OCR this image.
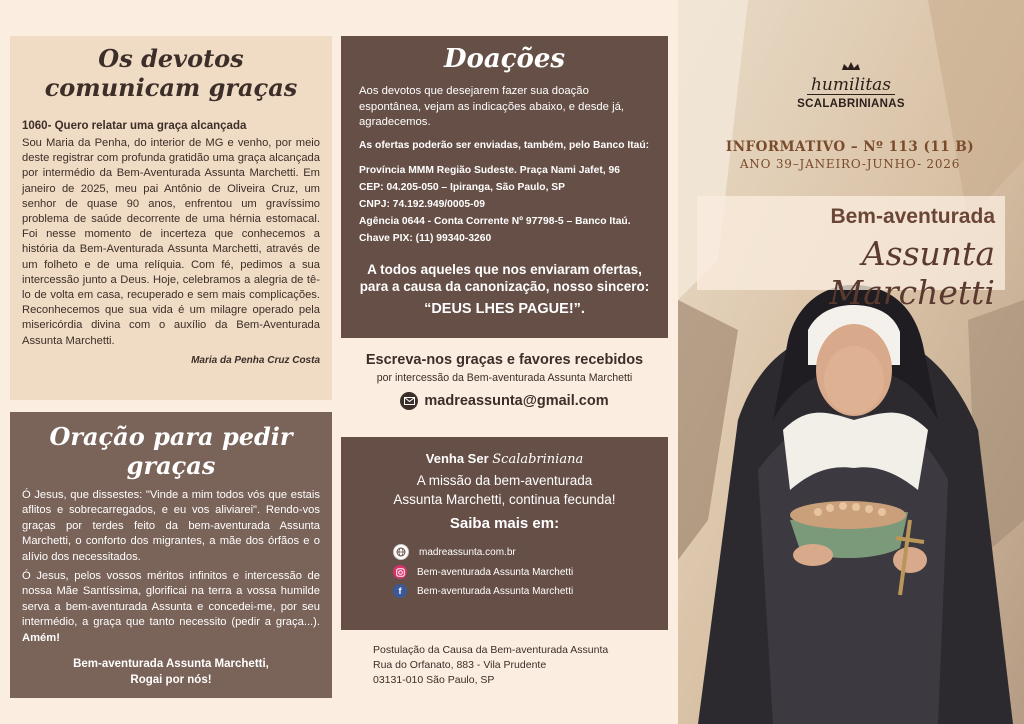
Os devotos comunicam graças
1060- Quero relatar uma graça alcançada

Sou Maria da Penha, do interior de MG e venho, por meio deste registrar com profunda gratidão uma graça alcançada por intermédio da Bem-Aventurada Assunta Marchetti. Em janeiro de 2025, meu pai Antônio de Oliveira Cruz, um senhor de quase 90 anos, enfrentou um gravíssimo problema de saúde decorrente de uma hérnia estomacal. Foi nesse momento de incerteza que conhecemos a história da Bem-Aventurada Assunta Marchetti, através de um folheto e de uma relíquia. Com fé, pedimos a sua intercessão junto a Deus. Hoje, celebramos a alegria de tê-lo de volta em casa, recuperado e sem mais complicações. Reconhecemos que sua vida é um milagre operado pela misericórdia divina com o auxílio da Bem-Aventurada Assunta Marchetti.

Maria da Penha Cruz Costa
Oração para pedir graças

Ó Jesus, que dissestes: "Vinde a mim todos vós que estais aflitos e sobrecarregados, e eu vos aliviarei". Rendo-vos graças por terdes feito da bem-aventurada Assunta Marchetti, o conforto dos migrantes, a mãe dos órfãos e o alívio dos necessitados.

Ó Jesus, pelos vossos méritos infinitos e intercessão de nossa Mãe Santíssima, glorificai na terra a vossa humilde serva a bem-aventurada Assunta e concedei-me, por seu intermédio, a graça que tanto necessito (pedir a graça...). Amém!

Bem-aventurada Assunta Marchetti,
Rogai por nós!
Doações

Aos devotos que desejarem fazer sua doação espontânea, vejam as indicações abaixo, e desde já, agradecemos.

As ofertas poderão ser enviadas, também, pelo Banco Itaú:

Província MMM Região Sudeste. Praça Nami Jafet, 96

CEP: 04.205-050 – Ipiranga, São Paulo, SP

CNPJ: 74.192.949/0005-09

Agência 0644 - Conta Corrente Nº 97798-5 – Banco Itaú.

Chave PIX: (11) 99340-3260

A todos aqueles que nos enviaram ofertas, para a causa da canonização, nosso sincero:
“DEUS LHES PAGUE!”.
Escreva-nos graças e favores recebidos
por intercessão da Bem-aventurada Assunta Marchetti
madreassunta@gmail.com
Venha Ser Scalabriniana
A missão da bem-aventurada
Assunta Marchetti, continua fecunda!
Saiba mais em:
madreassunta.com.br
Bem-aventurada Assunta Marchetti
f	Bem-aventurada Assunta Marchetti
Postulação da Causa da Bem-aventurada Assunta
Rua do Orfanato, 883 - Vila Prudente
03131-010 São Paulo, SP
humilitas
SCALABRINIANAS
INFORMATIVO – Nº 113 (11 B)
ANO 39–JANEIRO-JUNHO- 2026
Bem-aventurada
Assunta Marchetti
